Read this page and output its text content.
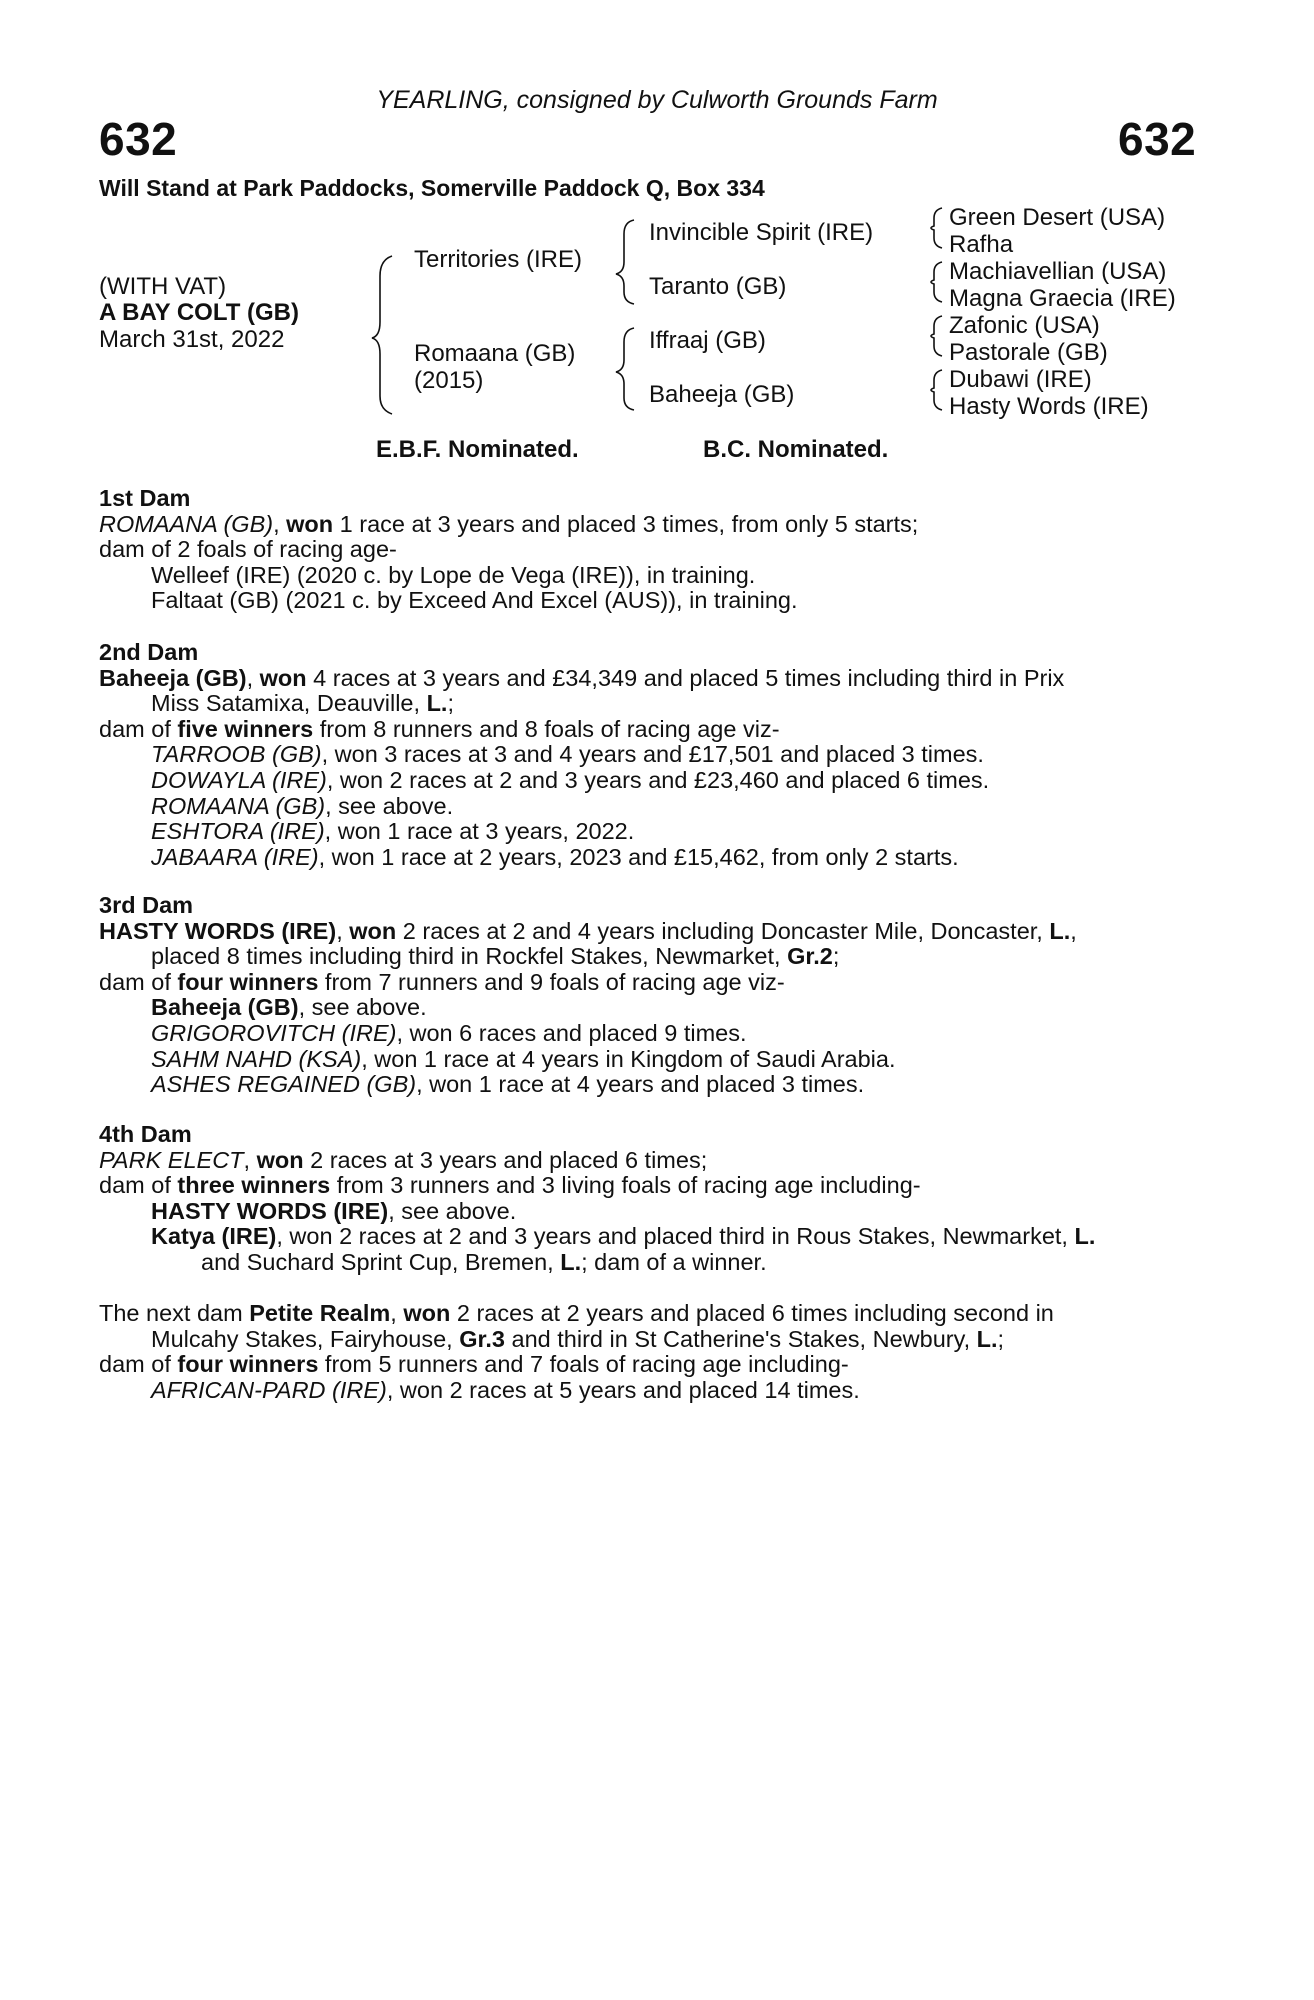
YEARLING, consigned by Culworth Grounds Farm
632	632
Will Stand at Park Paddocks, Somerville Paddock Q, Box 334
(WITH VAT)
A BAY COLT (GB)
March 31st, 2022
Territories (IRE)
Romaana (GB)
(2015)
Invincible Spirit (IRE)
Taranto (GB)
Iffraaj (GB)
Baheeja (GB)
Green Desert (USA)
Rafha
Machiavellian (USA)
Magna Graecia (IRE)
Zafonic (USA)
Pastorale (GB)
Dubawi (IRE)
Hasty Words (IRE)
E.B.F. Nominated.	B.C. Nominated.
1st Dam
ROMAANA (GB), won 1 race at 3 years and placed 3 times, from only 5 starts;
dam of 2 foals of racing age-
Welleef (IRE) (2020 c. by Lope de Vega (IRE)), in training.
Faltaat (GB) (2021 c. by Exceed And Excel (AUS)), in training.
2nd Dam
Baheeja (GB), won 4 races at 3 years and £34,349 and placed 5 times including third in Prix
Miss Satamixa, Deauville, L.;
dam of five winners from 8 runners and 8 foals of racing age viz-
TARROOB (GB), won 3 races at 3 and 4 years and £17,501 and placed 3 times.
DOWAYLA (IRE), won 2 races at 2 and 3 years and £23,460 and placed 6 times.
ROMAANA (GB), see above.
ESHTORA (IRE), won 1 race at 3 years, 2022.
JABAARA (IRE), won 1 race at 2 years, 2023 and £15,462, from only 2 starts.
3rd Dam
HASTY WORDS (IRE), won 2 races at 2 and 4 years including Doncaster Mile, Doncaster, L.,
placed 8 times including third in Rockfel Stakes, Newmarket, Gr.2;
dam of four winners from 7 runners and 9 foals of racing age viz-
Baheeja (GB), see above.
GRIGOROVITCH (IRE), won 6 races and placed 9 times.
SAHM NAHD (KSA), won 1 race at 4 years in Kingdom of Saudi Arabia.
ASHES REGAINED (GB), won 1 race at 4 years and placed 3 times.
4th Dam
PARK ELECT, won 2 races at 3 years and placed 6 times;
dam of three winners from 3 runners and 3 living foals of racing age including-
HASTY WORDS (IRE), see above.
Katya (IRE), won 2 races at 2 and 3 years and placed third in Rous Stakes, Newmarket, L.
and Suchard Sprint Cup, Bremen, L.; dam of a winner.
The next dam Petite Realm, won 2 races at 2 years and placed 6 times including second in
Mulcahy Stakes, Fairyhouse, Gr.3 and third in St Catherine's Stakes, Newbury, L.;
dam of four winners from 5 runners and 7 foals of racing age including-
AFRICAN-PARD (IRE), won 2 races at 5 years and placed 14 times.
